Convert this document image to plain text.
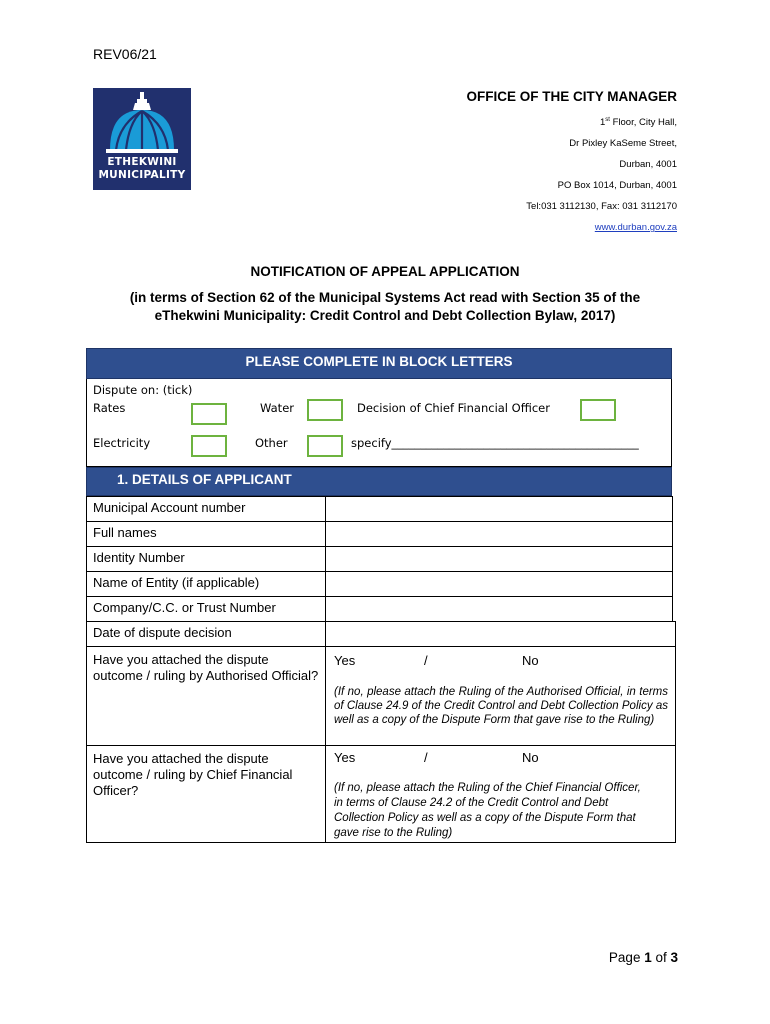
REV06/21
ETHEKWINI
MUNICIPALITY
OFFICE OF THE CITY MANAGER
1st Floor, City Hall,
Dr Pixley KaSeme Street,
Durban, 4001
PO Box 1014, Durban, 4001
Tel:031 3112130, Fax: 031 3112170
www.durban.gov.za
NOTIFICATION OF APPEAL APPLICATION
(in terms of Section 62 of the Municipal Systems Act read with Section 35 of the eThekwini Municipality: Credit Control and Debt Collection Bylaw, 2017)
PLEASE COMPLETE IN BLOCK LETTERS
Dispute on: (tick)
Rates	Water	Decision of Chief Financial Officer
Electricity	Other	specify___________________________________________
1. DETAILS OF APPLICANT
Municipal Account number
Full names
Identity Number
Name of Entity (if applicable)
Company/C.C. or Trust Number
Date of dispute decision
Have you attached the dispute outcome / ruling by Authorised Official?
Yes	/	No
(If no, please attach the Ruling of the Authorised Official, in terms of Clause 24.9 of the Credit Control and Debt Collection Policy as well as a copy of the Dispute Form that gave rise to the Ruling)
Have you attached the dispute outcome / ruling by Chief Financial Officer?
Yes	/	No
(If no, please attach the Ruling of the Chief Financial Officer, in terms of Clause 24.2 of the Credit Control and Debt Collection Policy as well as a copy of the Dispute Form that gave rise to the Ruling)
Page 1 of 3
